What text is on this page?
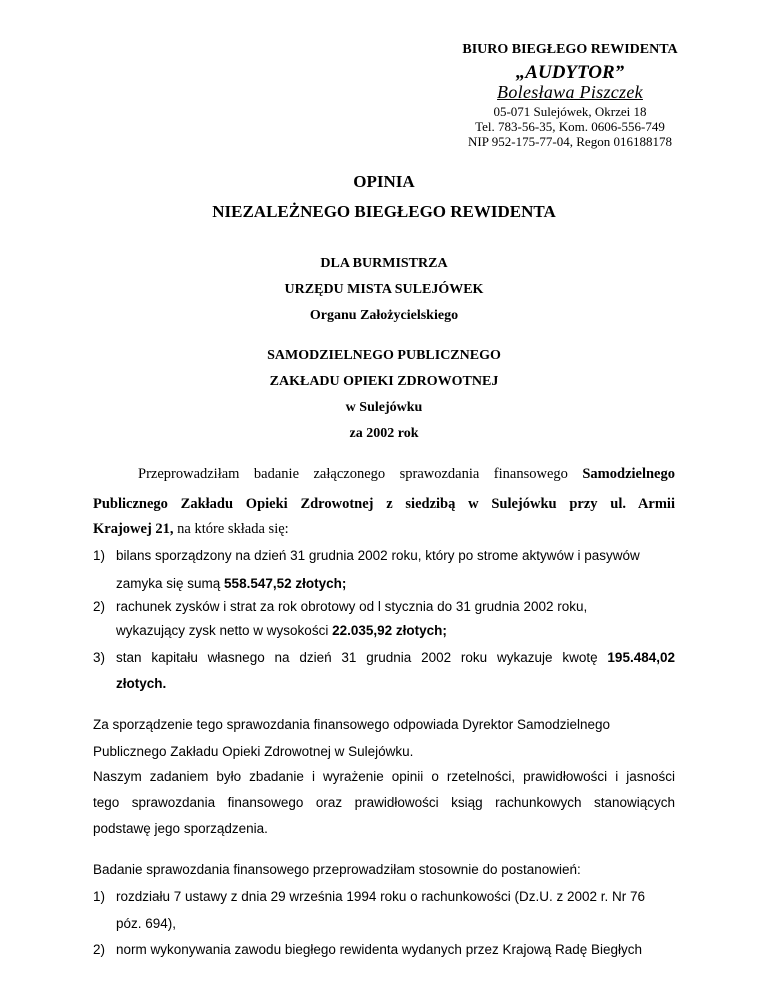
BIURO BIEGŁEGO REWIDENTA
„AUDYTOR”
Bolesława Piszczek
05-071 Sulejówek, Okrzei 18
Tel. 783-56-35, Kom. 0606-556-749
NIP 952-175-77-04, Regon 016188178
OPINIA
NIEZALEŻNEGO BIEGŁEGO REWIDENTA
DLA BURMISTRZA
URZĘDU MISTA SULEJÓWEK
Organu Założycielskiego
SAMODZIELNEGO PUBLICZNEGO
ZAKŁADU OPIEKI ZDROWOTNEJ
w Sulejówku
za 2002 rok
Przeprowadziłam badanie załączonego sprawozdania finansowego Samodzielnego
Publicznego Zakładu Opieki Zdrowotnej z siedzibą w Sulejówku przy ul. Armii
Krajowej 21, na które składa się:
1) bilans sporządzony na dzień 31 grudnia 2002 roku, który po strome aktywów i pasywów
zamyka się sumą 558.547,52 złotych;
2) rachunek zysków i strat za rok obrotowy od l stycznia do 31 grudnia 2002 roku,
wykazujący zysk netto w wysokości 22.035,92 złotych;
3) stan kapitału własnego na dzień 31 grudnia 2002 roku wykazuje kwotę 195.484,02
złotych.
Za sporządzenie tego sprawozdania finansowego odpowiada Dyrektor Samodzielnego
Publicznego Zakładu Opieki Zdrowotnej w Sulejówku.
Naszym zadaniem było zbadanie i wyrażenie opinii o rzetelności, prawidłowości i jasności
tego sprawozdania finansowego oraz prawidłowości ksiąg rachunkowych stanowiących
podstawę jego sporządzenia.
Badanie sprawozdania finansowego przeprowadziłam stosownie do postanowień:
1) rozdziału 7 ustawy z dnia 29 września 1994 roku o rachunkowości (Dz.U. z 2002 r. Nr 76
póz. 694),
2) norm wykonywania zawodu biegłego rewidenta wydanych przez Krajową Radę Biegłych
